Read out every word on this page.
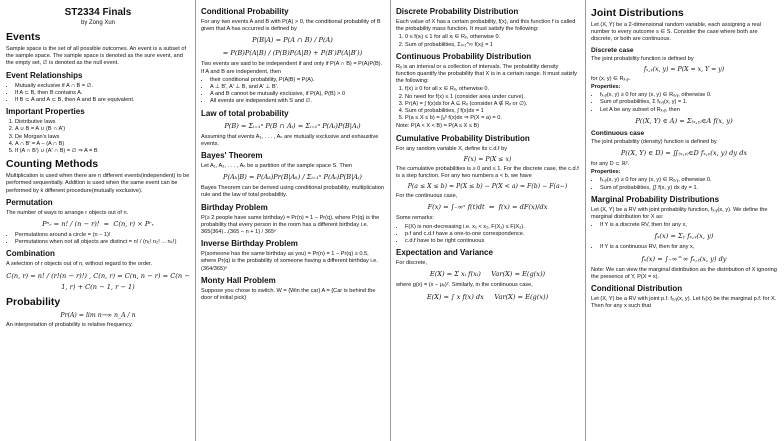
ST2334 Finals
by Zong Xun
Events

Sample space is the set of all possible outcomes. An event is a subset of the sample space. The sample space is denoted as the sure event, and the empty set, ∅ is denoted as the null event.

Event Relationships
• Mutually exclusive if A ∩ B = ∅.
• If A ⊂ B, then B contains A.
• If B ⊂ A and A ⊂ B, then A and B are equivalent.
Important Properties
1. Distributive laws
2. A ∪ B = A ∪ (B ∩ A′)
3. De Morgan's laws
4. A ∩ B′ = A − (A ∩ B)
5. If (A ∩ B′) ∪ (A′ ∩ B) = ∅ ⇒ A = B
Counting Methods

Multiplication is used when there are n different events(independent) to be performed sequentially. Addition is used when the same event can be performed by k different procedure(mutually exclusive).

Permutation

The number of ways to arrange r objects out of n.

Pⁿᵣ = n! / (n − r)!  =  C(n, r) × Pʳᵣ
• Permutations around a circle = (n − 1)!
• Permutations when not all objects are distinct = n! / (n₁! n₂! ... nₖ!)
Combination

A selection of r objects out of n, without regard to the order.

C(n, r) = n! / (r!(n − r)!) , C(n, r) = C(n, n − r) = C(n − 1, r) + C(n − 1, r − 1)
Probability
Pr(A) = lim n→∞ n_A / n

An interpretation of probability is relative frequency.

Conditional Probability

For any two events A and B with P(A) > 0, the conditional probability of B given that A has occurred is defined by

P(B|A) = P(A ∩ B) / P(A)
= P(B)P(A|B) / (P(B)P(A|B) + P(B′)P(A|B′))

Two events are said to be independent if and only if P(A ∩ B) = P(A)P(B). If A and B are independent, then

• their conditional probability, P(A|B) = P(A).
• A ⊥ B′, A′ ⊥ B, and A′ ⊥ B′.
• A and B cannot be mutually exclusive, if P(A), P(B) > 0
• All events are independent with S and ∅.
Law of total probability
P(B) = Σᵢ₌₁ⁿ P(B ∩ Aᵢ) = Σᵢ₌₁ⁿ P(Aᵢ)P(B|Aᵢ)

Assuming that events A₁, . . . , Aₙ are mutually exclusive and exhaustive events.

Bayes' Theorem

Let A₁, A₂, . . . , Aₙ be a partition of the sample space S. Then

P(Aₖ|B) = P(Aₖ)Pr(B|Aₖ) / Σᵢ₌₁ⁿ P(Aᵢ)P(B|Aᵢ)

Bayes Theorem can be derived using conditional probability, multiplication rule and the law of total probability.

Birthday Problem

P(≥ 2 people have same birthday) = Pr(n) = 1 − Pr(q), where Pr(q) is the probability that every person in the room has a different birthday i.e. 365(364)...(365 − n + 1) / 365ⁿ

Inverse Birthday Problem

P(someone has the same birthday as you) = Pr(n) = 1 − Pr(q) ≥ 0.5, where Pr(q) is the probability of someone having a different birthday i.e. (364/365)ⁿ

Monty Hall Problem

Suppose you chose to switch. W = {Win the car} A = {Car is behind the door of initial pick}

Discrete Probability Distribution

Each value of X has a certain probability, f(x), and this function f is called the probability mass function. It must satisfy the following:

1. 0 ≤ f(xᵢ) ≤ 1 for all xᵢ ∈ Rₓ, otherwise 0.
2. Sum of probabilities, Σᵢ₌₁^∞ f(xᵢ) = 1
Continuous Probability Distribution

Rₓ is an interval or a collection of intervals. The probability density function quantify the probability that X is in a certain range. It must satisfy the following:

1. f(x) ≥ 0 for all x ∈ Rₓ, otherwise 0.
2. No need for f(x) ≤ 1 (consider area under curve).
3. Pr(A) = ∫ f(x)dx for A ⊆ Rₓ (consider A ∉ Rₓ or ∅).
4. Sum of probabilities, ∫ f(x)dx = 1
5. P(a ≤ X ≤ b) = ∫ₐᵇ f(x)dx ⇒ P(X = a) = 0.

Note: P(A < X < B) = P(A ≤ X ≤ B)

Cumulative Probability Distribution

For any random variable X, define its c.d.f by

F(x) = P(X ≤ x)

The cumulative probabilities is ≥ 0 and ≤ 1. For the discrete case, the c.d.f is a step function. For any two numbers a < b, we have

P(a ≤ X ≤ b) = P(X ≤ b) − P(X < a) = F(b) − F(a−)

For the continuous case,

F(x) = ∫₋∞ˣ f(t)dt  ⇔  f(x) = dF(x)/dx

Some remarks:

• F(X) is non-decreasing i.e. x₁ < x₂, F(X₁) ≤ F(X₂).
• p.f and c.d.f have a one-to-one correspondence.
• c.d.f have to be right continuous
Expectation and Variance

For discrete,

E(X) = Σ xᵢ f(xᵢ)     Var(X) = E(g(x))

where g(x) = (x − μₓ)². Similarly, in the continuous case,

E(X) = ∫ x f(x) dx     Var(X) = E(g(x))
Joint Distributions

Let (X, Y) be a 2-dimensional random variable, each assigning a real number to every outcome s ∈ S. Consider the case where both are discrete, or both are continuous.

Discrete case

The joint probability function is defined by

fₓ,ᵧ(x, y) = P(X = x, Y = y)

for (x, y) ∈ Rₓ,ᵧ.

Properties:

• fₓ,ᵧ(x, y) ≥ 0 for any (x, y) ∈ Rₓ,ᵧ, otherwise 0.
• Sum of probabilities, Σ fₓ,ᵧ(x, y) = 1.
• Let A be any subset of Rₓ,ᵧ, then
P((X, Y) ∈ A) = Σ₍ₓ,ᵧ₎∈A f(x, y)
Continuous case

The joint probability (density) function is defined by

P((X, Y) ∈ D) = ∬₍ₓ,ᵧ₎∈D fₓ,ᵧ(x, y) dy dx

for any D ⊂ ℝ².

Properties:

• fₓ,ᵧ(x, y) ≥ 0 for any (x, y) ∈ Rₓ,ᵧ, otherwise 0.
• Sum of probabilities, ∬ f(x, y) dx dy = 1.
Marginal Probability Distributions

Let (X, Y) be a RV with joint probability function, fₓ,ᵧ(x, y). We define the marginal distribution for X as:

• If Y is a discrete RV, then for any x,
fₓ(x) = Σᵧ fₓ,ᵧ(x, y)
• If Y is a continuous RV, then for any x,
fₓ(x) = ∫₋∞^∞ fₓ,ᵧ(x, y) dy

Note: We can view the marginal distribution as the distribution of X ignoring the presence of Y, P(X = x).

Conditional Distribution

Let (X, Y) be a RV with joint p.f. fₓ,ᵧ(x, y). Let fₓ(x) be the marginal p.f. for X. Then for any x such that
